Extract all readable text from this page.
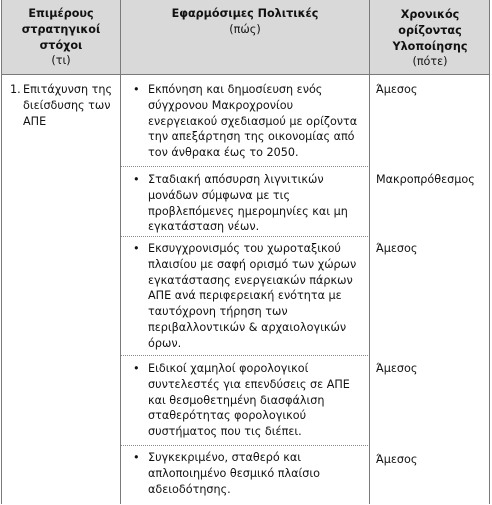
Επιμέρους στρατηγικοί στόχοι
(τι)
Εφαρμόσιμες Πολιτικές
(πώς)
Χρονικός ορίζοντας Υλοποίησης
(πότε)
1. Επιτάχυνση της διείσδυσης των ΑΠΕ
• Εκπόνηση και δημοσίευση ενός σύγχρονου Μακροχρονίου ενεργειακού σχεδιασμού με ορίζοντα την απεξάρτηση της οικονομίας από τον άνθρακα έως το 2050.
Άμεσος
• Σταδιακή απόσυρση λιγνιτικών μονάδων σύμφωνα με τις προβλεπόμενες ημερομηνίες και μη εγκατάσταση νέων.
Μακροπρόθεσμος
• Εκσυγχρονισμός του χωροταξικού πλαισίου με σαφή ορισμό των χώρων εγκατάστασης ενεργειακών πάρκων ΑΠΕ ανά περιφερειακή ενότητα με ταυτόχρονη τήρηση των περιβαλλοντικών & αρχαιολογικών όρων.
Άμεσος
• Ειδικοί χαμηλοί φορολογικοί συντελεστές για επενδύσεις σε ΑΠΕ και θεσμοθετημένη διασφάλιση σταθερότητας φορολογικού συστήματος που τις διέπει.
Άμεσος
• Συγκεκριμένο, σταθερό και απλοποιημένο θεσμικό πλαίσιο αδειοδότησης.
Άμεσος
